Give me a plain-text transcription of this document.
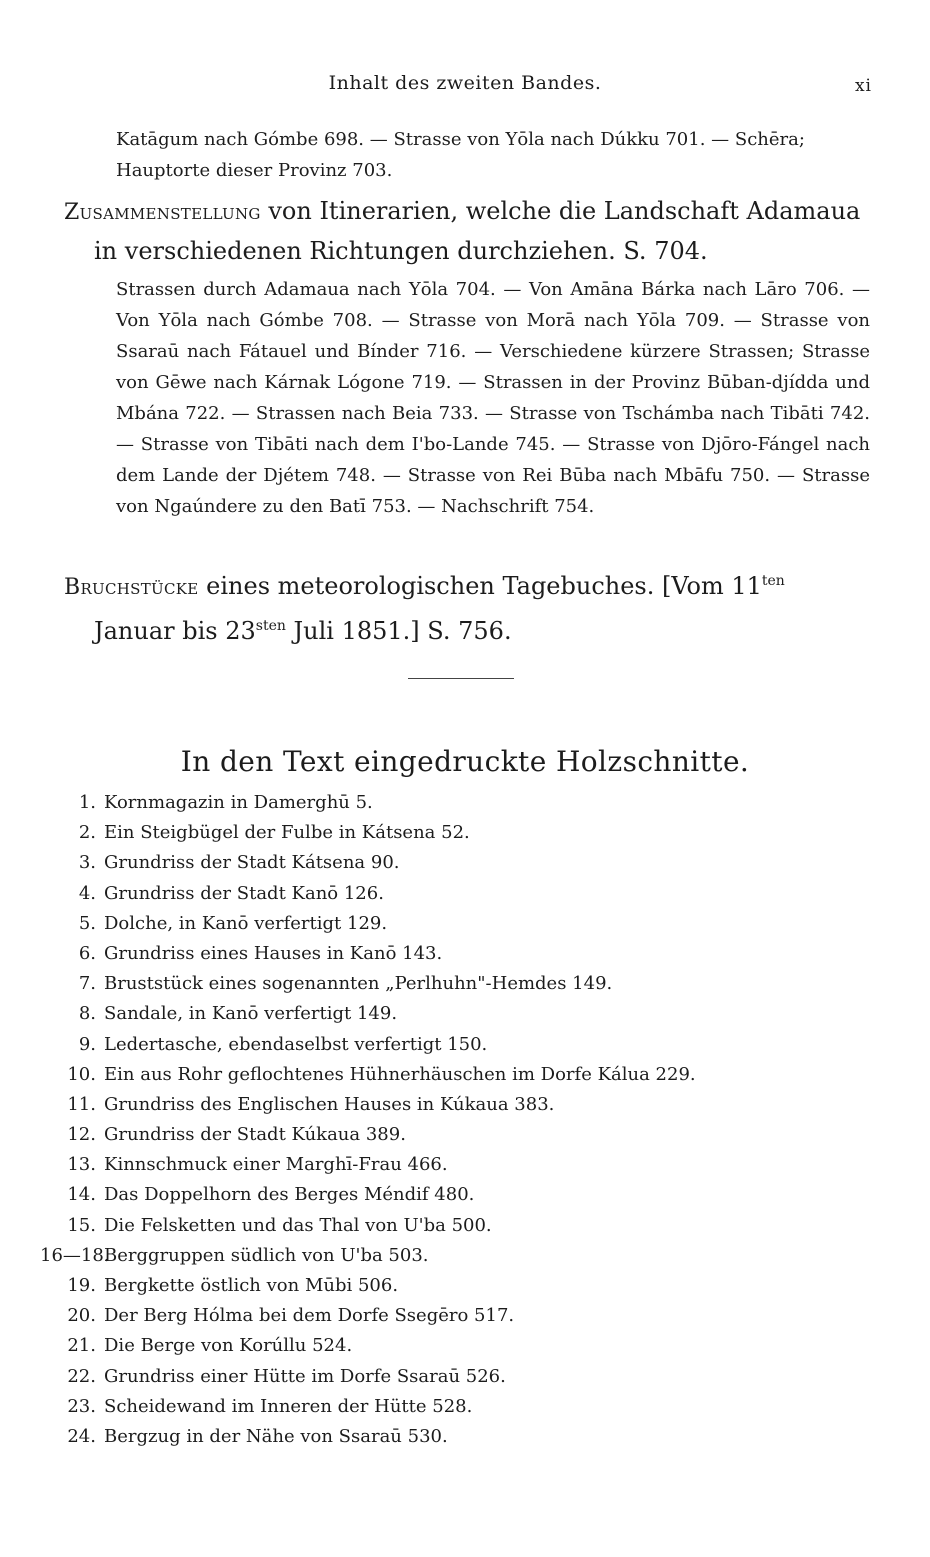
Inhalt des zweiten Bandes.	xi
Katāgum nach Gómbe 698. — Strasse von Yōla nach Dúkku 701. — Schēra; Hauptorte dieser Provinz 703.
Zusammenstellung von Itinerarien, welche die Landschaft Adamaua in verschiedenen Richtungen durchziehen. S. 704.
Strassen durch Adamaua nach Yōla 704. — Von Amāna Bárka nach Lāro 706. — Von Yōla nach Gómbe 708. — Strasse von Morā nach Yōla 709. — Strasse von Ssaraū nach Fátauel und Bínder 716. — Verschiedene kürzere Strassen; Strasse von Gēwe nach Kárnak Lógone 719. — Strassen in der Provinz Būban-djídda und Mbána 722. — Strassen nach Beia 733. — Strasse von Tschámba nach Tibāti 742. — Strasse von Tibāti nach dem I'bo-Lande 745. — Strasse von Djōro-Fángel nach dem Lande der Djétem 748. — Strasse von Rei Būba nach Mbāfu 750. — Strasse von Ngaúndere zu den Batī 753. — Nachschrift 754.
Bruchstücke eines meteorologischen Tagebuches. [Vom $11^{ten}$ Januar bis $23^{sten}$ Juli 1851.] S. 756.
In den Text eingedruckte Holzschnitte.
1. Kornmagazin in Damerghū 5.
2. Ein Steigbügel der Fulbe in Kátsena 52.
3. Grundriss der Stadt Kátsena 90.
4. Grundriss der Stadt Kanō 126.
5. Dolche, in Kanō verfertigt 129.
6. Grundriss eines Hauses in Kanō 143.
7. Bruststück eines sogenannten „Perlhuhn"-Hemdes 149.
8. Sandale, in Kanō verfertigt 149.
9. Ledertasche, ebendaselbst verfertigt 150.
10. Ein aus Rohr geflochtenes Hühnerhäuschen im Dorfe Kálua 229.
11. Grundriss des Englischen Hauses in Kúkaua 383.
12. Grundriss der Stadt Kúkaua 389.
13. Kinnschmuck einer Marghī-Frau 466.
14. Das Doppelhorn des Berges Méndif 480.
15. Die Felsketten und das Thal von U'ba 500.
16—18.Berggruppen südlich von U'ba 503.
19. Bergkette östlich von Mūbi 506.
20. Der Berg Hólma bei dem Dorfe Ssegēro 517.
21. Die Berge von Korúllu 524.
22. Grundriss einer Hütte im Dorfe Ssaraū 526.
23. Scheidewand im Inneren der Hütte 528.
24. Bergzug in der Nähe von Ssaraū 530.
